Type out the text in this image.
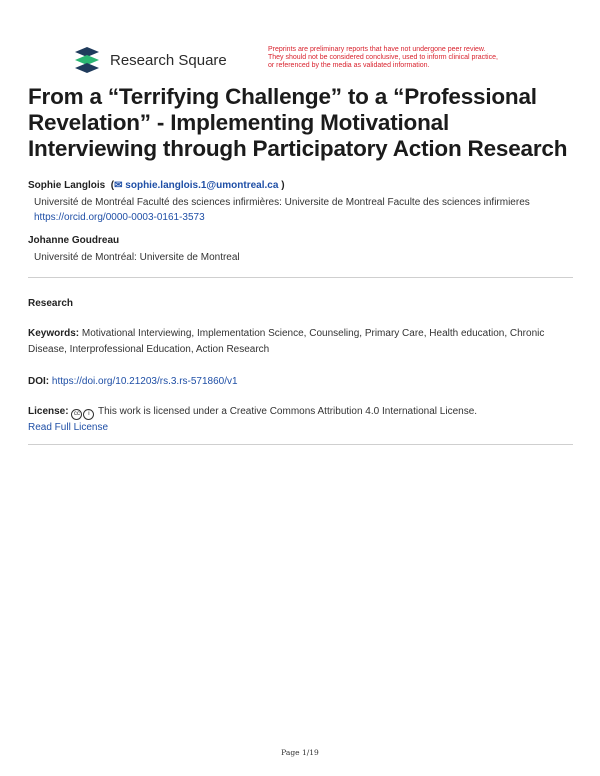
Research Square
Preprints are preliminary reports that have not undergone peer review.
They should not be considered conclusive, used to inform clinical practice,
or referenced by the media as validated information.
From a “Terrifying Challenge” to a “Professional
Revelation” - Implementing Motivational
Interviewing through Participatory Action Research
Sophie Langlois  (✉ sophie.langlois.1@umontreal.ca )
Université de Montréal Faculté des sciences infirmières: Universite de Montreal Faculte des sciences infirmieres https://orcid.org/0000-0003-0161-3573
Johanne Goudreau
Université de Montréal: Universite de Montreal
Research
Keywords: Motivational Interviewing, Implementation Science, Counseling, Primary Care, Health education, Chronic Disease, Interprofessional Education, Action Research
DOI: https://doi.org/10.21203/rs.3.rs-571860/v1
License: cc i This work is licensed under a Creative Commons Attribution 4.0 International License.
Read Full License
Page 1/19
